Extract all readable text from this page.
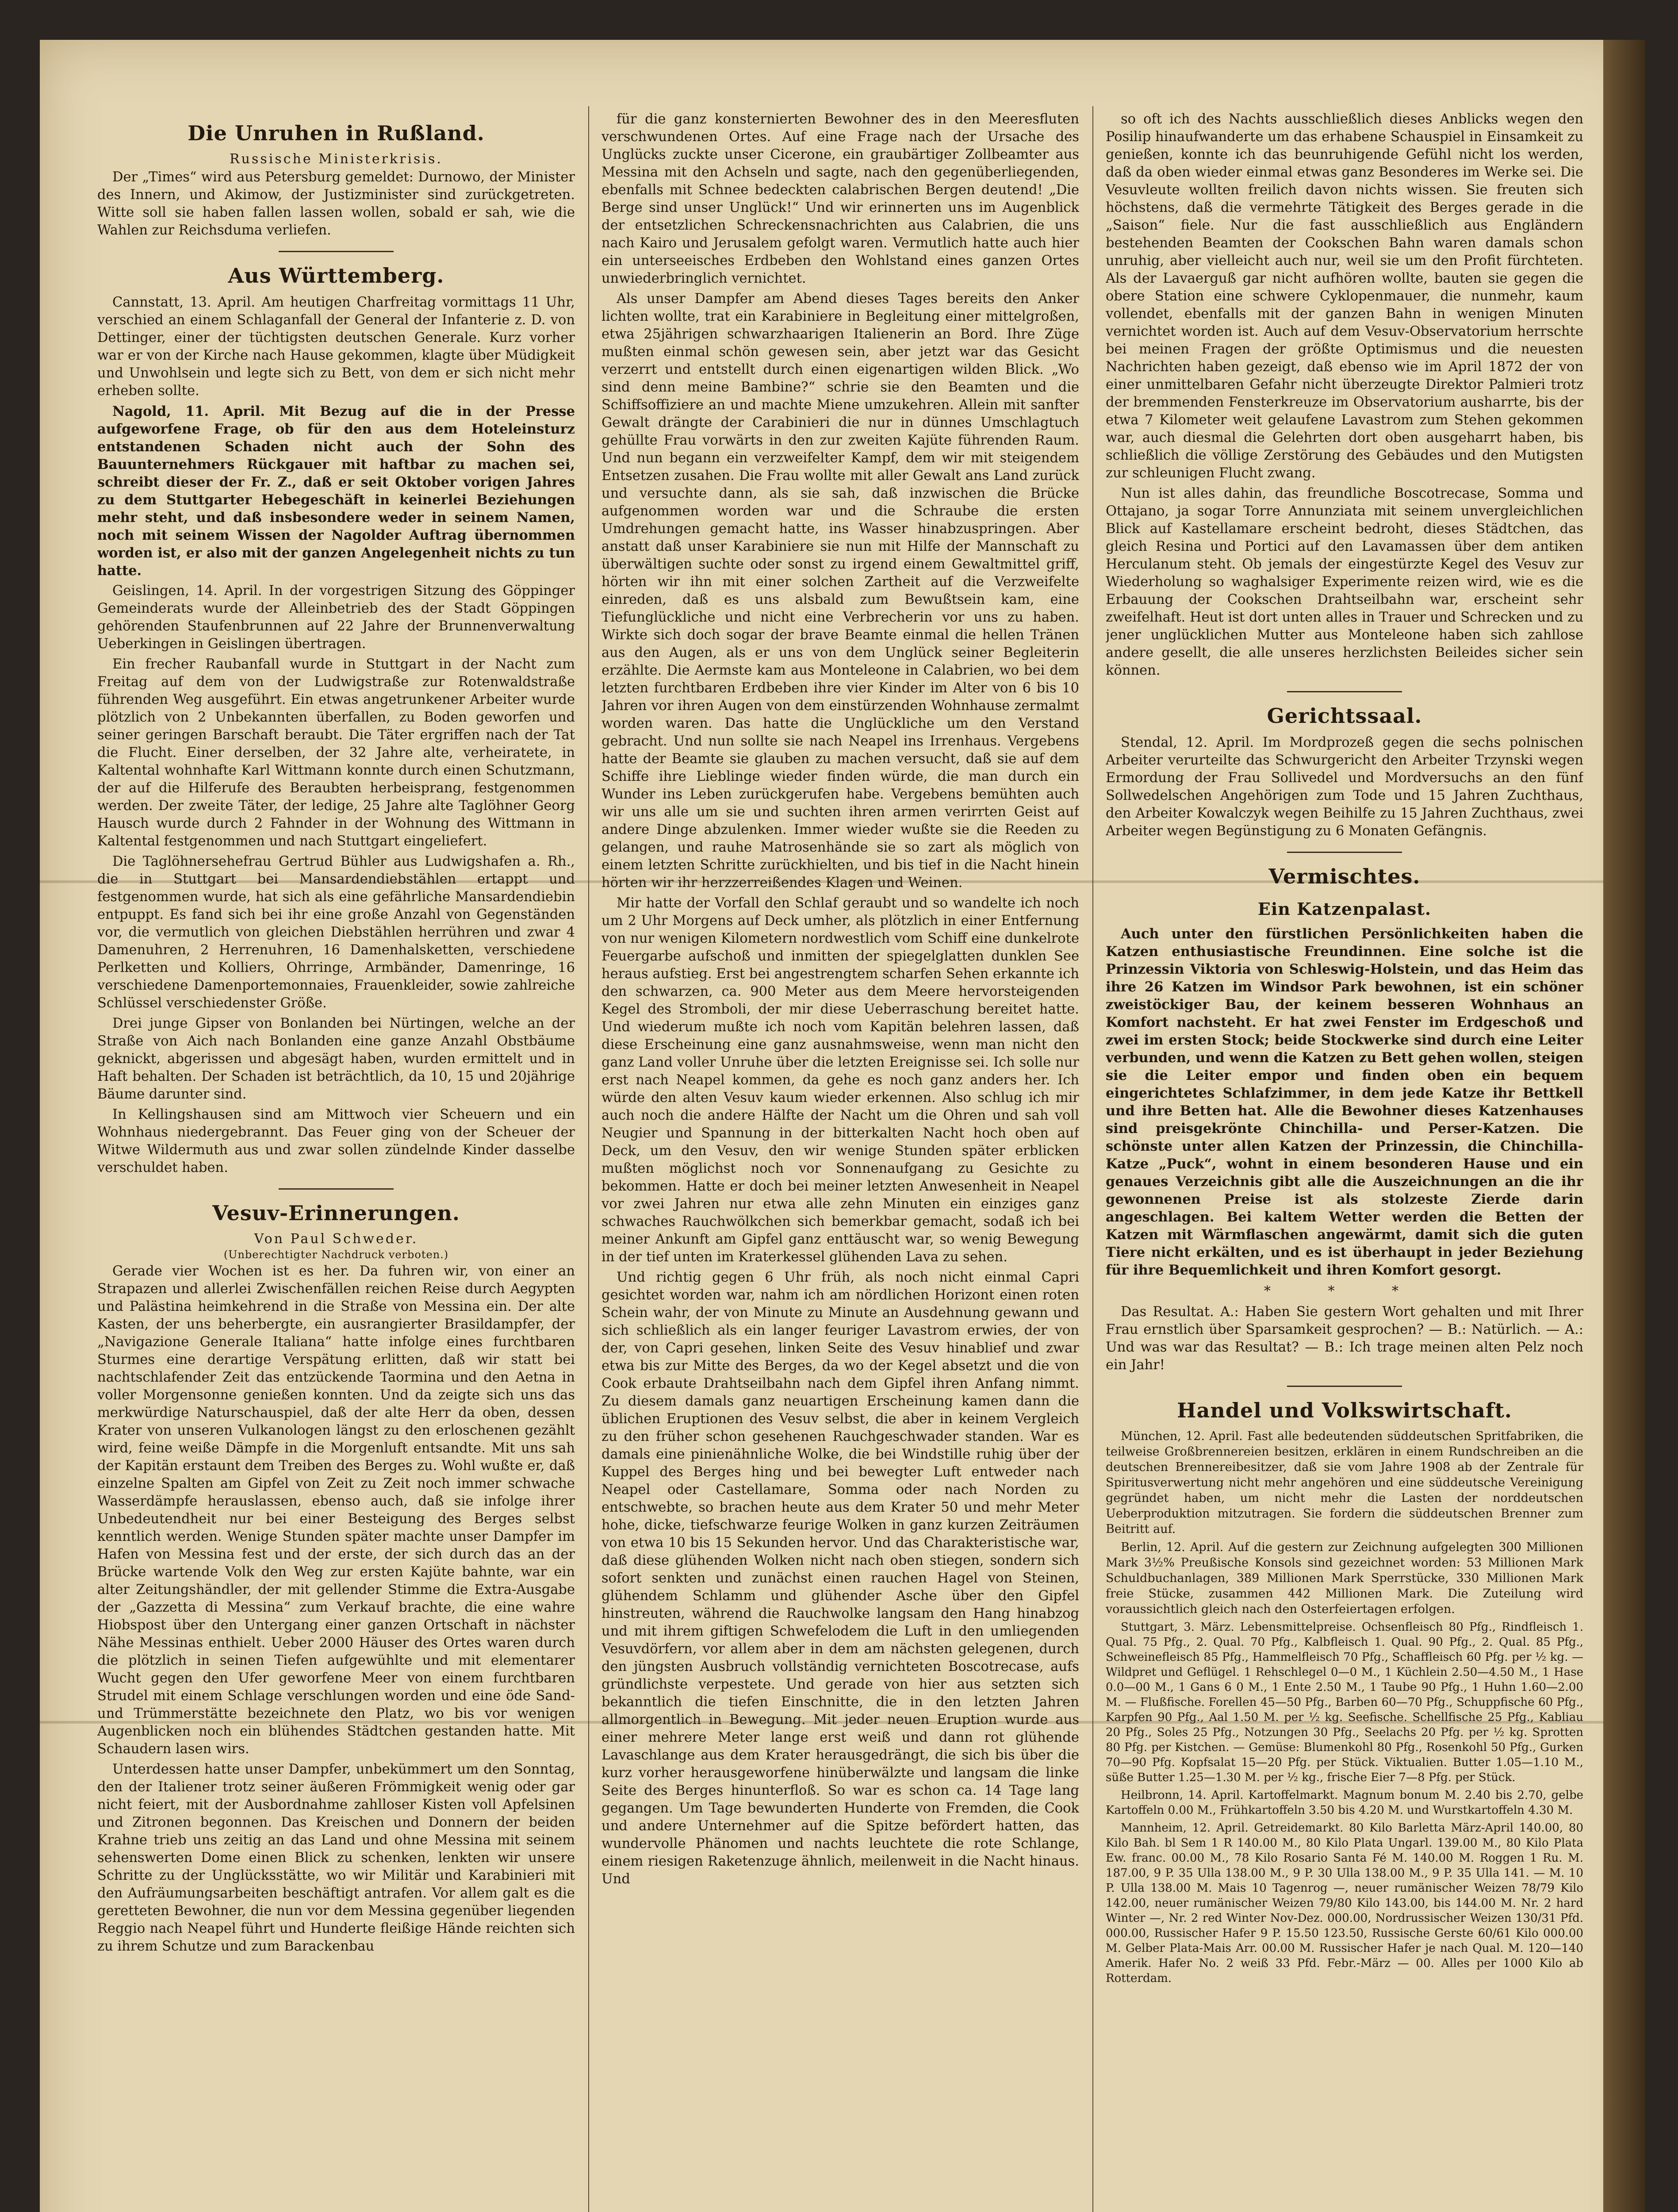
Die Unruhen in Rußland.
Russische Ministerkrisis.

Der „Times“ wird aus Petersburg gemeldet: Durnowo, der Minister des Innern, und Akimow, der Justizminister sind zurückgetreten. Witte soll sie haben fallen lassen wollen, sobald er sah, wie die Wahlen zur Reichsduma verliefen.

Aus Württemberg.

Cannstatt, 13. April. Am heutigen Charfreitag vormittags 11 Uhr, verschied an einem Schlaganfall der General der Infanterie z. D. von Dettinger, einer der tüchtigsten deutschen Generale. Kurz vorher war er von der Kirche nach Hause gekommen, klagte über Müdigkeit und Unwohlsein und legte sich zu Bett, von dem er sich nicht mehr erheben sollte.

Nagold, 11. April. Mit Bezug auf die in der Presse aufgeworfene Frage, ob für den aus dem Hoteleinsturz entstandenen Schaden nicht auch der Sohn des Bauunternehmers Rückgauer mit haftbar zu machen sei, schreibt dieser der Fr. Z., daß er seit Oktober vorigen Jahres zu dem Stuttgarter Hebegeschäft in keinerlei Beziehungen mehr steht, und daß insbesondere weder in seinem Namen, noch mit seinem Wissen der Nagolder Auftrag übernommen worden ist, er also mit der ganzen Angelegenheit nichts zu tun hatte.

Geislingen, 14. April. In der vorgestrigen Sitzung des Göppinger Gemeinderats wurde der Alleinbetrieb des der Stadt Göppingen gehörenden Staufenbrunnen auf 22 Jahre der Brunnenverwaltung Ueberkingen in Geislingen übertragen.

Ein frecher Raubanfall wurde in Stuttgart in der Nacht zum Freitag auf dem von der Ludwigstraße zur Rotenwaldstraße führenden Weg ausgeführt. Ein etwas angetrunkener Arbeiter wurde plötzlich von 2 Unbekannten überfallen, zu Boden geworfen und seiner geringen Barschaft beraubt. Die Täter ergriffen nach der Tat die Flucht. Einer derselben, der 32 Jahre alte, verheiratete, in Kaltental wohnhafte Karl Wittmann konnte durch einen Schutzmann, der auf die Hilferufe des Beraubten herbeisprang, festgenommen werden. Der zweite Täter, der ledige, 25 Jahre alte Taglöhner Georg Hausch wurde durch 2 Fahnder in der Wohnung des Wittmann in Kaltental festgenommen und nach Stuttgart eingeliefert.

Die Taglöhnersehefrau Gertrud Bühler aus Ludwigshafen a. Rh., die in Stuttgart bei Mansardendiebstählen ertappt und festgenommen wurde, hat sich als eine gefährliche Mansardendiebin entpuppt. Es fand sich bei ihr eine große Anzahl von Gegenständen vor, die vermutlich von gleichen Diebstählen herrühren und zwar 4 Damenuhren, 2 Herrenuhren, 16 Damenhalsketten, verschiedene Perlketten und Kolliers, Ohrringe, Armbänder, Damenringe, 16 verschiedene Damenportemonnaies, Frauenkleider, sowie zahlreiche Schlüssel verschiedenster Größe.

Drei junge Gipser von Bonlanden bei Nürtingen, welche an der Straße von Aich nach Bonlanden eine ganze Anzahl Obstbäume geknickt, abgerissen und abgesägt haben, wurden ermittelt und in Haft behalten. Der Schaden ist beträchtlich, da 10, 15 und 20jährige Bäume darunter sind.

In Kellingshausen sind am Mittwoch vier Scheuern und ein Wohnhaus niedergebrannt. Das Feuer ging von der Scheuer der Witwe Wildermuth aus und zwar sollen zündelnde Kinder dasselbe verschuldet haben.

Vesuv-Erinnerungen.
Von Paul Schweder.
(Unberechtigter Nachdruck verboten.)

Gerade vier Wochen ist es her. Da fuhren wir, von einer an Strapazen und allerlei Zwischenfällen reichen Reise durch Aegypten und Palästina heimkehrend in die Straße von Messina ein. Der alte Kasten, der uns beherbergte, ein ausrangierter Brasildampfer, der „Navigazione Generale Italiana“ hatte infolge eines furchtbaren Sturmes eine derartige Verspätung erlitten, daß wir statt bei nachtschlafender Zeit das entzückende Taormina und den Aetna in voller Morgensonne genießen konnten. Und da zeigte sich uns das merkwürdige Naturschauspiel, daß der alte Herr da oben, dessen Krater von unseren Vulkanologen längst zu den erloschenen gezählt wird, feine weiße Dämpfe in die Morgenluft entsandte. Mit uns sah der Kapitän erstaunt dem Treiben des Berges zu. Wohl wußte er, daß einzelne Spalten am Gipfel von Zeit zu Zeit noch immer schwache Wasserdämpfe herauslassen, ebenso auch, daß sie infolge ihrer Unbedeutendheit nur bei einer Besteigung des Berges selbst kenntlich werden. Wenige Stunden später machte unser Dampfer im Hafen von Messina fest und der erste, der sich durch das an der Brücke wartende Volk den Weg zur ersten Kajüte bahnte, war ein alter Zeitungshändler, der mit gellender Stimme die Extra-Ausgabe der „Gazzetta di Messina“ zum Verkauf brachte, die eine wahre Hiobspost über den Untergang einer ganzen Ortschaft in nächster Nähe Messinas enthielt. Ueber 2000 Häuser des Ortes waren durch die plötzlich in seinen Tiefen aufgewühlte und mit elementarer Wucht gegen den Ufer geworfene Meer von einem furchtbaren Strudel mit einem Schlage verschlungen worden und eine öde Sand- und Trümmerstätte bezeichnete den Platz, wo bis vor wenigen Augenblicken noch ein blühendes Städtchen gestanden hatte. Mit Schaudern lasen wirs.

Unterdessen hatte unser Dampfer, unbekümmert um den Sonntag, den der Italiener trotz seiner äußeren Frömmigkeit wenig oder gar nicht feiert, mit der Ausbordnahme zahlloser Kisten voll Apfelsinen und Zitronen begonnen. Das Kreischen und Donnern der beiden Krahne trieb uns zeitig an das Land und ohne Messina mit seinem sehenswerten Dome einen Blick zu schenken, lenkten wir unsere Schritte zu der Unglücksstätte, wo wir Militär und Karabinieri mit den Aufräumungsarbeiten beschäftigt antrafen. Vor allem galt es die geretteten Bewohner, die nun vor dem Messina gegenüber liegenden Reggio nach Neapel führt und Hunderte fleißige Hände reichten sich zu ihrem Schutze und zum Barackenbau

für die ganz konsternierten Bewohner des in den Meeresfluten verschwundenen Ortes. Auf eine Frage nach der Ursache des Unglücks zuckte unser Cicerone, ein graubärtiger Zollbeamter aus Messina mit den Achseln und sagte, nach den gegenüberliegenden, ebenfalls mit Schnee bedeckten calabrischen Bergen deutend! „Die Berge sind unser Unglück!“ Und wir erinnerten uns im Augenblick der entsetzlichen Schreckensnachrichten aus Calabrien, die uns nach Kairo und Jerusalem gefolgt waren. Vermutlich hatte auch hier ein unterseeisches Erdbeben den Wohlstand eines ganzen Ortes unwiederbringlich vernichtet.

Als unser Dampfer am Abend dieses Tages bereits den Anker lichten wollte, trat ein Karabiniere in Begleitung einer mittelgroßen, etwa 25jährigen schwarzhaarigen Italienerin an Bord. Ihre Züge mußten einmal schön gewesen sein, aber jetzt war das Gesicht verzerrt und entstellt durch einen eigenartigen wilden Blick. „Wo sind denn meine Bambine?“ schrie sie den Beamten und die Schiffsoffiziere an und machte Miene umzukehren. Allein mit sanfter Gewalt drängte der Carabinieri die nur in dünnes Umschlagtuch gehüllte Frau vorwärts in den zur zweiten Kajüte führenden Raum. Und nun begann ein verzweifelter Kampf, dem wir mit steigendem Entsetzen zusahen. Die Frau wollte mit aller Gewalt ans Land zurück und versuchte dann, als sie sah, daß inzwischen die Brücke aufgenommen worden war und die Schraube die ersten Umdrehungen gemacht hatte, ins Wasser hinabzuspringen. Aber anstatt daß unser Karabiniere sie nun mit Hilfe der Mannschaft zu überwältigen suchte oder sonst zu irgend einem Gewaltmittel griff, hörten wir ihn mit einer solchen Zartheit auf die Verzweifelte einreden, daß es uns alsbald zum Bewußtsein kam, eine Tiefunglückliche und nicht eine Verbrecherin vor uns zu haben. Wirkte sich doch sogar der brave Beamte einmal die hellen Tränen aus den Augen, als er uns von dem Unglück seiner Begleiterin erzählte. Die Aermste kam aus Monteleone in Calabrien, wo bei dem letzten furchtbaren Erdbeben ihre vier Kinder im Alter von 6 bis 10 Jahren vor ihren Augen von dem einstürzenden Wohnhause zermalmt worden waren. Das hatte die Unglückliche um den Verstand gebracht. Und nun sollte sie nach Neapel ins Irrenhaus. Vergebens hatte der Beamte sie glauben zu machen versucht, daß sie auf dem Schiffe ihre Lieblinge wieder finden würde, die man durch ein Wunder ins Leben zurückgerufen habe. Vergebens bemühten auch wir uns alle um sie und suchten ihren armen verirrten Geist auf andere Dinge abzulenken. Immer wieder wußte sie die Reeden zu gelangen, und rauhe Matrosenhände sie so zart als möglich von einem letzten Schritte zurückhielten, und bis tief in die Nacht hinein hörten wir ihr herzzerreißendes Klagen und Weinen.

Mir hatte der Vorfall den Schlaf geraubt und so wandelte ich noch um 2 Uhr Morgens auf Deck umher, als plötzlich in einer Entfernung von nur wenigen Kilometern nordwestlich vom Schiff eine dunkelrote Feuergarbe aufschoß und inmitten der spiegelglatten dunklen See heraus aufstieg. Erst bei angestrengtem scharfen Sehen erkannte ich den schwarzen, ca. 900 Meter aus dem Meere hervorsteigenden Kegel des Stromboli, der mir diese Ueberraschung bereitet hatte. Und wiederum mußte ich noch vom Kapitän belehren lassen, daß diese Erscheinung eine ganz ausnahmsweise, wenn man nicht den ganz Land voller Unruhe über die letzten Ereignisse sei. Ich solle nur erst nach Neapel kommen, da gehe es noch ganz anders her. Ich würde den alten Vesuv kaum wieder erkennen. Also schlug ich mir auch noch die andere Hälfte der Nacht um die Ohren und sah voll Neugier und Spannung in der bitterkalten Nacht hoch oben auf Deck, um den Vesuv, den wir wenige Stunden später erblicken mußten möglichst noch vor Sonnenaufgang zu Gesichte zu bekommen. Hatte er doch bei meiner letzten Anwesenheit in Neapel vor zwei Jahren nur etwa alle zehn Minuten ein einziges ganz schwaches Rauchwölkchen sich bemerkbar gemacht, sodaß ich bei meiner Ankunft am Gipfel ganz enttäuscht war, so wenig Bewegung in der tief unten im Kraterkessel glühenden Lava zu sehen.

Und richtig gegen 6 Uhr früh, als noch nicht einmal Capri gesichtet worden war, nahm ich am nördlichen Horizont einen roten Schein wahr, der von Minute zu Minute an Ausdehnung gewann und sich schließlich als ein langer feuriger Lavastrom erwies, der von der, von Capri gesehen, linken Seite des Vesuv hinablief und zwar etwa bis zur Mitte des Berges, da wo der Kegel absetzt und die von Cook erbaute Drahtseilbahn nach dem Gipfel ihren Anfang nimmt. Zu diesem damals ganz neuartigen Erscheinung kamen dann die üblichen Eruptionen des Vesuv selbst, die aber in keinem Vergleich zu den früher schon gesehenen Rauchgeschwader standen. War es damals eine pinienähnliche Wolke, die bei Windstille ruhig über der Kuppel des Berges hing und bei bewegter Luft entweder nach Neapel oder Castellamare, Somma oder nach Norden zu entschwebte, so brachen heute aus dem Krater 50 und mehr Meter hohe, dicke, tiefschwarze feurige Wolken in ganz kurzen Zeiträumen von etwa 10 bis 15 Sekunden hervor. Und das Charakteristische war, daß diese glühenden Wolken nicht nach oben stiegen, sondern sich sofort senkten und zunächst einen rauchen Hagel von Steinen, glühendem Schlamm und glühender Asche über den Gipfel hinstreuten, während die Rauchwolke langsam den Hang hinabzog und mit ihrem giftigen Schwefelodem die Luft in den umliegenden Vesuvdörfern, vor allem aber in dem am nächsten gelegenen, durch den jüngsten Ausbruch vollständig vernichteten Boscotrecase, aufs gründlichste verpestete. Und gerade von hier aus setzten sich bekanntlich die tiefen Einschnitte, die in den letzten Jahren allmorgentlich in Bewegung. Mit jeder neuen Eruption wurde aus einer mehrere Meter lange erst weiß und dann rot glühende Lavaschlange aus dem Krater herausgedrängt, die sich bis über die kurz vorher herausgeworfene hinüberwälzte und langsam die linke Seite des Berges hinunterfloß. So war es schon ca. 14 Tage lang gegangen. Um Tage bewunderten Hunderte von Fremden, die Cook und andere Unternehmer auf die Spitze befördert hatten, das wundervolle Phänomen und nachts leuchtete die rote Schlange, einem riesigen Raketenzuge ähnlich, meilenweit in die Nacht hinaus. Und

so oft ich des Nachts ausschließlich dieses Anblicks wegen den Posilip hinaufwanderte um das erhabene Schauspiel in Einsamkeit zu genießen, konnte ich das beunruhigende Gefühl nicht los werden, daß da oben wieder einmal etwas ganz Besonderes im Werke sei. Die Vesuvleute wollten freilich davon nichts wissen. Sie freuten sich höchstens, daß die vermehrte Tätigkeit des Berges gerade in die „Saison“ fiele. Nur die fast ausschließlich aus Engländern bestehenden Beamten der Cookschen Bahn waren damals schon unruhig, aber vielleicht auch nur, weil sie um den Profit fürchteten. Als der Lavaerguß gar nicht aufhören wollte, bauten sie gegen die obere Station eine schwere Cyklopenmauer, die nunmehr, kaum vollendet, ebenfalls mit der ganzen Bahn in wenigen Minuten vernichtet worden ist. Auch auf dem Vesuv-Observatorium herrschte bei meinen Fragen der größte Optimismus und die neuesten Nachrichten haben gezeigt, daß ebenso wie im April 1872 der von einer unmittelbaren Gefahr nicht überzeugte Direktor Palmieri trotz der bremmenden Fensterkreuze im Observatorium ausharrte, bis der etwa 7 Kilometer weit gelaufene Lavastrom zum Stehen gekommen war, auch diesmal die Gelehrten dort oben ausgeharrt haben, bis schließlich die völlige Zerstörung des Gebäudes und den Mutigsten zur schleunigen Flucht zwang.

Nun ist alles dahin, das freundliche Boscotrecase, Somma und Ottajano, ja sogar Torre Annunziata mit seinem unvergleichlichen Blick auf Kastellamare erscheint bedroht, dieses Städtchen, das gleich Resina und Portici auf den Lavamassen über dem antiken Herculanum steht. Ob jemals der eingestürzte Kegel des Vesuv zur Wiederholung so waghalsiger Experimente reizen wird, wie es die Erbauung der Cookschen Drahtseilbahn war, erscheint sehr zweifelhaft. Heut ist dort unten alles in Trauer und Schrecken und zu jener unglücklichen Mutter aus Monteleone haben sich zahllose andere gesellt, die alle unseres herzlichsten Beileides sicher sein können.

Gerichtssaal.

Stendal, 12. April. Im Mordprozeß gegen die sechs polnischen Arbeiter verurteilte das Schwurgericht den Arbeiter Trzynski wegen Ermordung der Frau Sollivedel und Mordversuchs an den fünf Sollwedelschen Angehörigen zum Tode und 15 Jahren Zuchthaus, den Arbeiter Kowalczyk wegen Beihilfe zu 15 Jahren Zuchthaus, zwei Arbeiter wegen Begünstigung zu 6 Monaten Gefängnis.

Vermischtes.
Ein Katzenpalast.

Auch unter den fürstlichen Persönlichkeiten haben die Katzen enthusiastische Freundinnen. Eine solche ist die Prinzessin Viktoria von Schleswig-Holstein, und das Heim das ihre 26 Katzen im Windsor Park bewohnen, ist ein schöner zweistöckiger Bau, der keinem besseren Wohnhaus an Komfort nachsteht. Er hat zwei Fenster im Erdgeschoß und zwei im ersten Stock; beide Stockwerke sind durch eine Leiter verbunden, und wenn die Katzen zu Bett gehen wollen, steigen sie die Leiter empor und finden oben ein bequem eingerichtetes Schlafzimmer, in dem jede Katze ihr Bettkell und ihre Betten hat. Alle die Bewohner dieses Katzenhauses sind preisgekrönte Chinchilla- und Perser-Katzen. Die schönste unter allen Katzen der Prinzessin, die Chinchilla-Katze „Puck“, wohnt in einem besonderen Hause und ein genaues Verzeichnis gibt alle die Auszeichnungen an die ihr gewonnenen Preise ist als stolzeste Zierde darin angeschlagen. Bei kaltem Wetter werden die Betten der Katzen mit Wärmflaschen angewärmt, damit sich die guten Tiere nicht erkälten, und es ist überhaupt in jeder Beziehung für ihre Bequemlichkeit und ihren Komfort gesorgt.

* * *

Das Resultat. A.: Haben Sie gestern Wort gehalten und mit Ihrer Frau ernstlich über Sparsamkeit gesprochen? — B.: Natürlich. — A.: Und was war das Resultat? — B.: Ich trage meinen alten Pelz noch ein Jahr!

Handel und Volkswirtschaft.

München, 12. April. Fast alle bedeutenden süddeutschen Spritfabriken, die teilweise Großbrennereien besitzen, erklären in einem Rundschreiben an die deutschen Brennereibesitzer, daß sie vom Jahre 1908 ab der Zentrale für Spiritusverwertung nicht mehr angehören und eine süddeutsche Vereinigung gegründet haben, um nicht mehr die Lasten der norddeutschen Ueberproduktion mitzutragen. Sie fordern die süddeutschen Brenner zum Beitritt auf.

Berlin, 12. April. Auf die gestern zur Zeichnung aufgelegten 300 Millionen Mark 3½% Preußische Konsols sind gezeichnet worden: 53 Millionen Mark Schuldbuchanlagen, 389 Millionen Mark Sperrstücke, 330 Millionen Mark freie Stücke, zusammen 442 Millionen Mark. Die Zuteilung wird voraussichtlich gleich nach den Osterfeiertagen erfolgen.

Stuttgart, 3. März. Lebensmittelpreise. Ochsenfleisch 80 Pfg., Rindfleisch 1. Qual. 75 Pfg., 2. Qual. 70 Pfg., Kalbfleisch 1. Qual. 90 Pfg., 2. Qual. 85 Pfg., Schweinefleisch 85 Pfg., Hammelfleisch 70 Pfg., Schaffleisch 60 Pfg. per ½ kg. — Wildpret und Geflügel. 1 Rehschlegel 0—0 M., 1 Küchlein 2.50—4.50 M., 1 Hase 0.0—00 M., 1 Gans 6 0 M., 1 Ente 2.50 M., 1 Taube 90 Pfg., 1 Huhn 1.60—2.00 M. — Flußfische. Forellen 45—50 Pfg., Barben 60—70 Pfg., Schuppfische 60 Pfg., Karpfen 90 Pfg., Aal 1.50 M. per ½ kg. Seefische. Schellfische 25 Pfg., Kabliau 20 Pfg., Soles 25 Pfg., Notzungen 30 Pfg., Seelachs 20 Pfg. per ½ kg. Sprotten 80 Pfg. per Kistchen. — Gemüse: Blumenkohl 80 Pfg., Rosenkohl 50 Pfg., Gurken 70—90 Pfg. Kopfsalat 15—20 Pfg. per Stück. Viktualien. Butter 1.05—1.10 M., süße Butter 1.25—1.30 M. per ½ kg., frische Eier 7—8 Pfg. per Stück.

Heilbronn, 14. April. Kartoffelmarkt. Magnum bonum M. 2.40 bis 2.70, gelbe Kartoffeln 0.00 M., Frühkartoffeln 3.50 bis 4.20 M. und Wurstkartoffeln 4.30 M.

Mannheim, 12. April. Getreidemarkt. 80 Kilo Barletta März-April 140.00, 80 Kilo Bah. bl Sem 1 R 140.00 M., 80 Kilo Plata Ungarl. 139.00 M., 80 Kilo Plata Ew. franc. 00.00 M., 78 Kilo Rosario Santa Fé M. 140.00 M. Roggen 1 Ru. M. 187.00, 9 P. 35 Ulla 138.00 M., 9 P. 30 Ulla 138.00 M., 9 P. 35 Ulla 141. — M. 10 P. Ulla 138.00 M. Mais 10 Tagenrog —, neuer rumänischer Weizen 78/79 Kilo 142.00, neuer rumänischer Weizen 79/80 Kilo 143.00, bis 144.00 M. Nr. 2 hard Winter —, Nr. 2 red Winter Nov-Dez. 000.00, Nordrussischer Weizen 130/31 Pfd. 000.00, Russischer Hafer 9 P. 15.50 123.50, Russische Gerste 60/61 Kilo 000.00 M. Gelber Plata-Mais Arr. 00.00 M. Russischer Hafer je nach Qual. M. 120—140 Amerik. Hafer No. 2 weiß 33 Pfd. Febr.-März — 00. Alles per 1000 Kilo ab Rotterdam.
